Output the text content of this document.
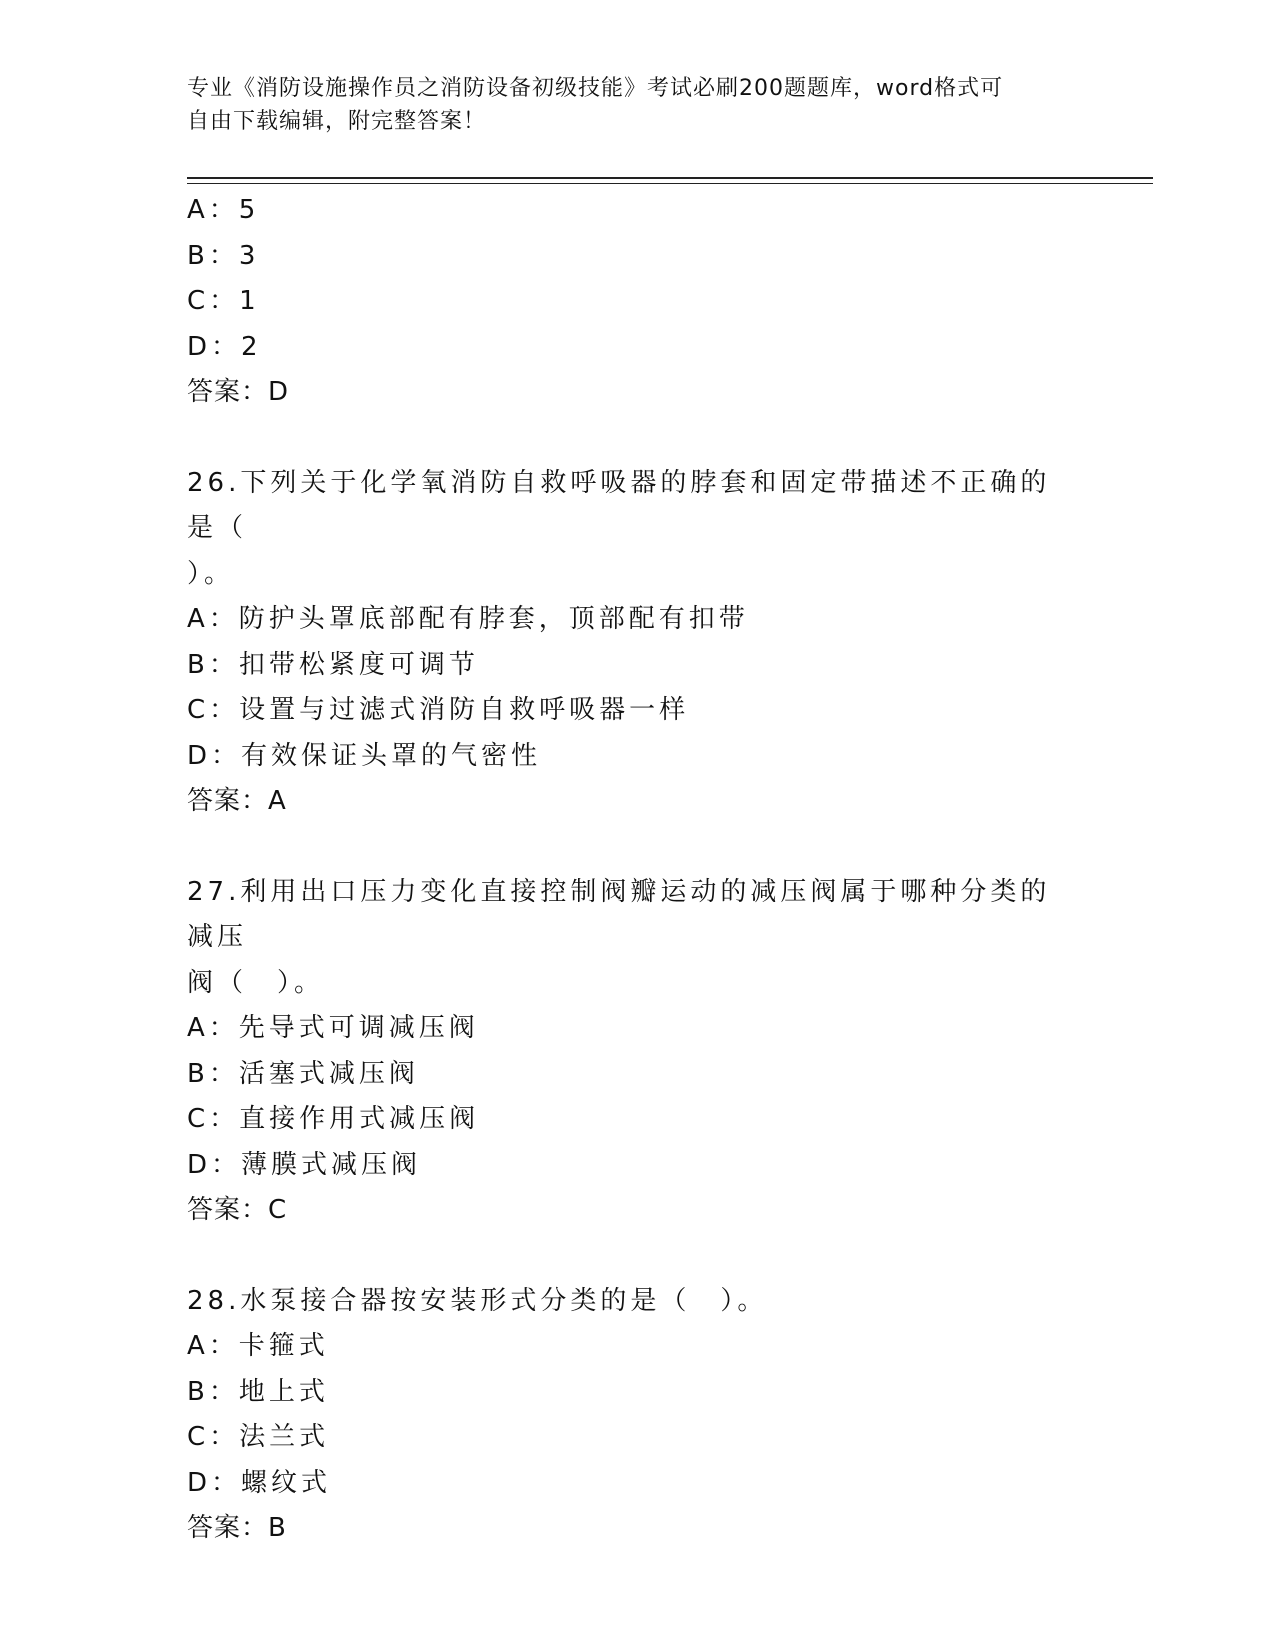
专业《消防设施操作员之消防设备初级技能》考试必刷200题题库，word格式可
自由下载编辑，附完整答案！
A：5
B：3
C：1
D：2
答案：D
26.下列关于化学氧消防自救呼吸器的脖套和固定带描述不正确的是（
）。
A：防护头罩底部配有脖套，顶部配有扣带
B：扣带松紧度可调节
C：设置与过滤式消防自救呼吸器一样
D：有效保证头罩的气密性
答案：A
27.利用出口压力变化直接控制阀瓣运动的减压阀属于哪种分类的减压
阀（　）。
A：先导式可调减压阀
B：活塞式减压阀
C：直接作用式减压阀
D：薄膜式减压阀
答案：C
28.水泵接合器按安装形式分类的是（　）。
A：卡箍式
B：地上式
C：法兰式
D：螺纹式
答案：B
